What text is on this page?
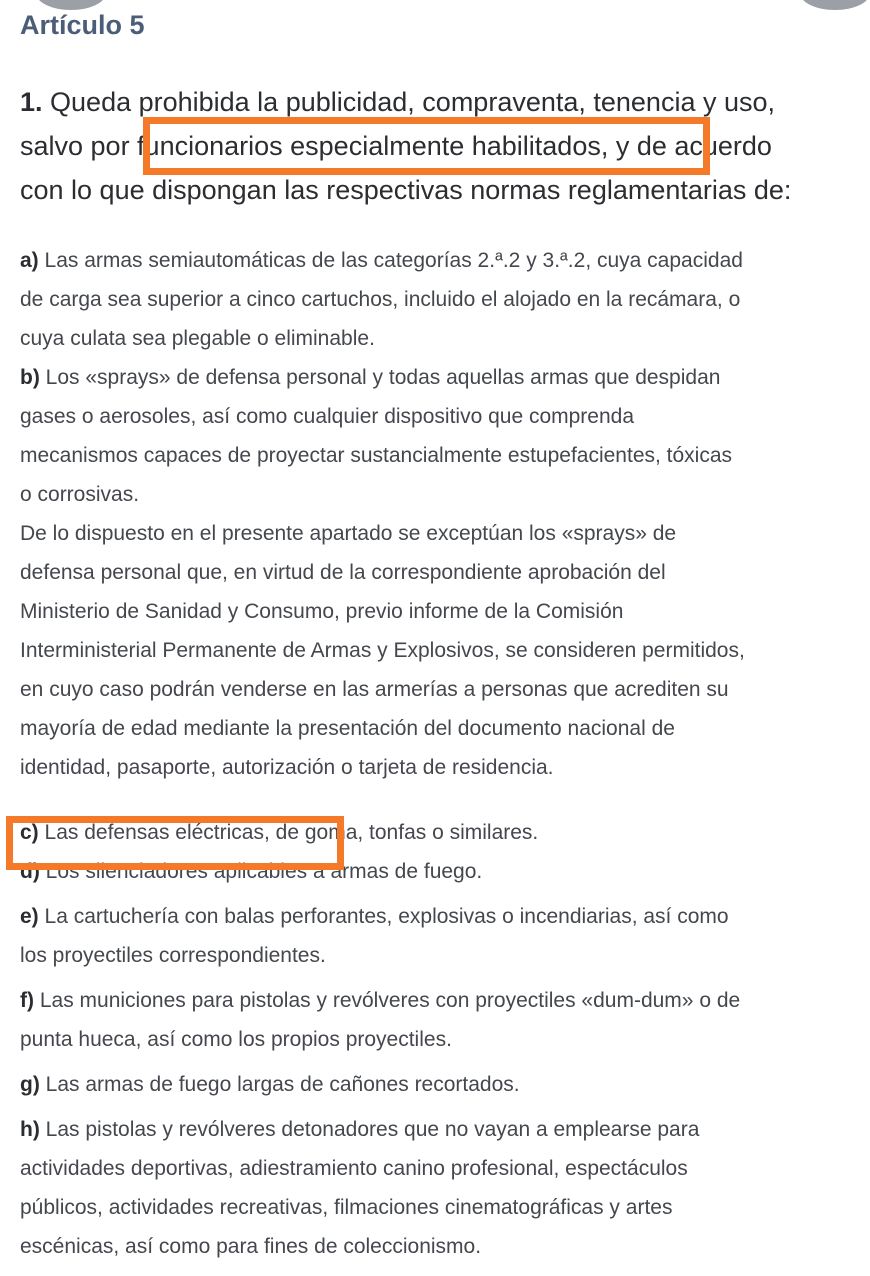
Artículo 5
1. Queda prohibida la publicidad, compraventa, tenencia y uso,
salvo por funcionarios especialmente habilitados, y de acuerdo
con lo que dispongan las respectivas normas reglamentarias de:

a) Las armas semiautomáticas de las categorías 2.ª.2 y 3.ª.2, cuya capacidad
de carga sea superior a cinco cartuchos, incluido el alojado en la recámara, o
cuya culata sea plegable o eliminable.

b) Los «sprays» de defensa personal y todas aquellas armas que despidan
gases o aerosoles, así como cualquier dispositivo que comprenda
mecanismos capaces de proyectar sustancialmente estupefacientes, tóxicas
o corrosivas.

De lo dispuesto en el presente apartado se exceptúan los «sprays» de
defensa personal que, en virtud de la correspondiente aprobación del
Ministerio de Sanidad y Consumo, previo informe de la Comisión
Interministerial Permanente de Armas y Explosivos, se consideren permitidos,
en cuyo caso podrán venderse en las armerías a personas que acrediten su
mayoría de edad mediante la presentación del documento nacional de
identidad, pasaporte, autorización o tarjeta de residencia.

c) Las defensas eléctricas, de goma, tonfas o similares.

d) Los silenciadores aplicables a armas de fuego.

e) La cartuchería con balas perforantes, explosivas o incendiarias, así como
los proyectiles correspondientes.

f) Las municiones para pistolas y revólveres con proyectiles «dum-dum» o de
punta hueca, así como los propios proyectiles.

g) Las armas de fuego largas de cañones recortados.

h) Las pistolas y revólveres detonadores que no vayan a emplearse para
actividades deportivas, adiestramiento canino profesional, espectáculos
públicos, actividades recreativas, filmaciones cinematográficas y artes
escénicas, así como para fines de coleccionismo.
